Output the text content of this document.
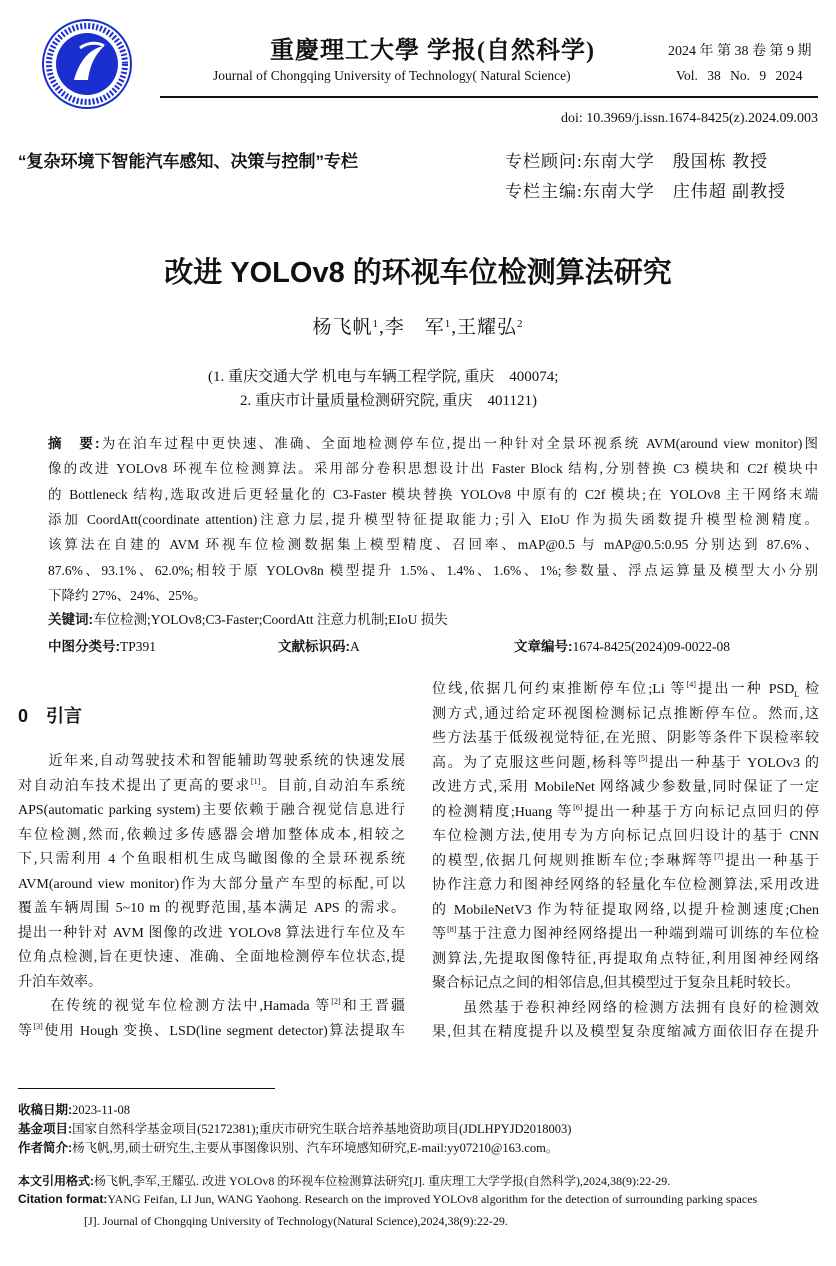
重慶理工大學 学报(自然科学)
Journal of Chongqing University of Technology( Natural Science)
2024 年 第 38 卷 第 9 期
Vol. 38 No. 9 2024
doi: 10.3969/j.issn.1674-8425(z).2024.09.003
“复杂环境下智能汽车感知、决策与控制”专栏	专栏顾问:东南大学　殷国栋 教授
专栏主编:东南大学　庄伟超 副教授
改进 YOLOv8 的环视车位检测算法研究
杨飞帆$^1$,李　军$^1$,王耀弘$^2$
(1. 重庆交通大学 机电与车辆工程学院, 重庆　400074;
2. 重庆市计量质量检测研究院, 重庆　401121)
摘　要:为在泊车过程中更快速、准确、全面地检测停车位,提出一种针对全景环视系统 AVM(around view monitor)图
像的改进 YOLOv8 环视车位检测算法。采用部分卷积思想设计出 Faster Block 结构,分别替换 C3 模块和 C2f 模块中
的 Bottleneck 结构,选取改进后更轻量化的 C3-Faster 模块替换 YOLOv8 中原有的 C2f 模块;在 YOLOv8 主干网络末端
添加 CoordAtt(coordinate attention)注意力层,提升模型特征提取能力;引入 EIoU 作为损失函数提升模型检测精度。
该算法在自建的 AVM 环视车位检测数据集上模型精度、召回率、mAP@0.5 与 mAP@0.5:0.95 分别达到 87.6%、
87.6%、93.1%、62.0%;相较于原 YOLOv8n 模型提升 1.5%、1.4%、1.6%、1%;参数量、浮点运算量及模型大小分别
下降约 27%、24%、25%。
关键词:车位检测;YOLOv8;C3-Faster;CoordAtt 注意力机制;EIoU 损失
中图分类号:TP391	文献标识码:A	文章编号:1674-8425(2024)09-0022-08
0 引言
　　近年来,自动驾驶技术和智能辅助驾驶系统的快速发展
对自动泊车技术提出了更高的要求[1]。目前,自动泊车系统
APS(automatic parking system)主要依赖于融合视觉信息进行
车位检测,然而,依赖过多传感器会增加整体成本,相较之
下,只需利用 4 个鱼眼相机生成鸟瞰图像的全景环视系统
AVM(around view monitor)作为大部分量产车型的标配,可以
覆盖车辆周围 5~10 m 的视野范围,基本满足 APS 的需求。
提出一种针对 AVM 图像的改进 YOLOv8 算法进行车位及车
位角点检测,旨在更快速、准确、全面地检测停车位状态,提
升泊车效率。
　　在传统的视觉车位检测方法中,Hamada 等[2]和王晋疆
等[3]使用 Hough 变换、LSD(line segment detector)算法提取车
位线,依据几何约束推断停车位;Li 等[4]提出一种 $PSD_L$ 检
测方式,通过给定环视图检测标记点推断停车位。然而,这
些方法基于低级视觉特征,在光照、阴影等条件下误检率较
高。为了克服这些问题,杨科等[5]提出一种基于 YOLOv3 的
改进方式,采用 MobileNet 网络减少参数量,同时保证了一定
的检测精度;Huang 等[6]提出一种基于方向标记点回归的停
车位检测方法,使用专为方向标记点回归设计的基于 CNN
的模型,依据几何规则推断车位;李琳辉等[7]提出一种基于
协作注意力和图神经网络的轻量化车位检测算法,采用改进
的 MobileNetV3 作为特征提取网络,以提升检测速度;Chen
等[8]基于注意力图神经网络提出一种端到端可训练的车位检
测算法,先提取图像特征,再提取角点特征,利用图神经网络
聚合标记点之间的相邻信息,但其模型过于复杂且耗时较长。
　　虽然基于卷积神经网络的检测方法拥有良好的检测效
果,但其在精度提升以及模型复杂度缩减方面依旧存在提升
收稿日期:2023-11-08
基金项目:国家自然科学基金项目(52172381);重庆市研究生联合培养基地资助项目(JDLHPYJD2018003)
作者简介:杨飞帆,男,硕士研究生,主要从事图像识别、汽车环境感知研究,E-mail:yy07210@163.com。
本文引用格式:杨飞帆,李军,王耀弘. 改进 YOLOv8 的环视车位检测算法研究[J]. 重庆理工大学学报(自然科学),2024,38(9):22-29.
Citation format:YANG Feifan, LI Jun, WANG Yaohong. Research on the improved YOLOv8 algorithm for the detection of surrounding parking spaces
[J]. Journal of Chongqing University of Technology(Natural Science),2024,38(9):22-29.
